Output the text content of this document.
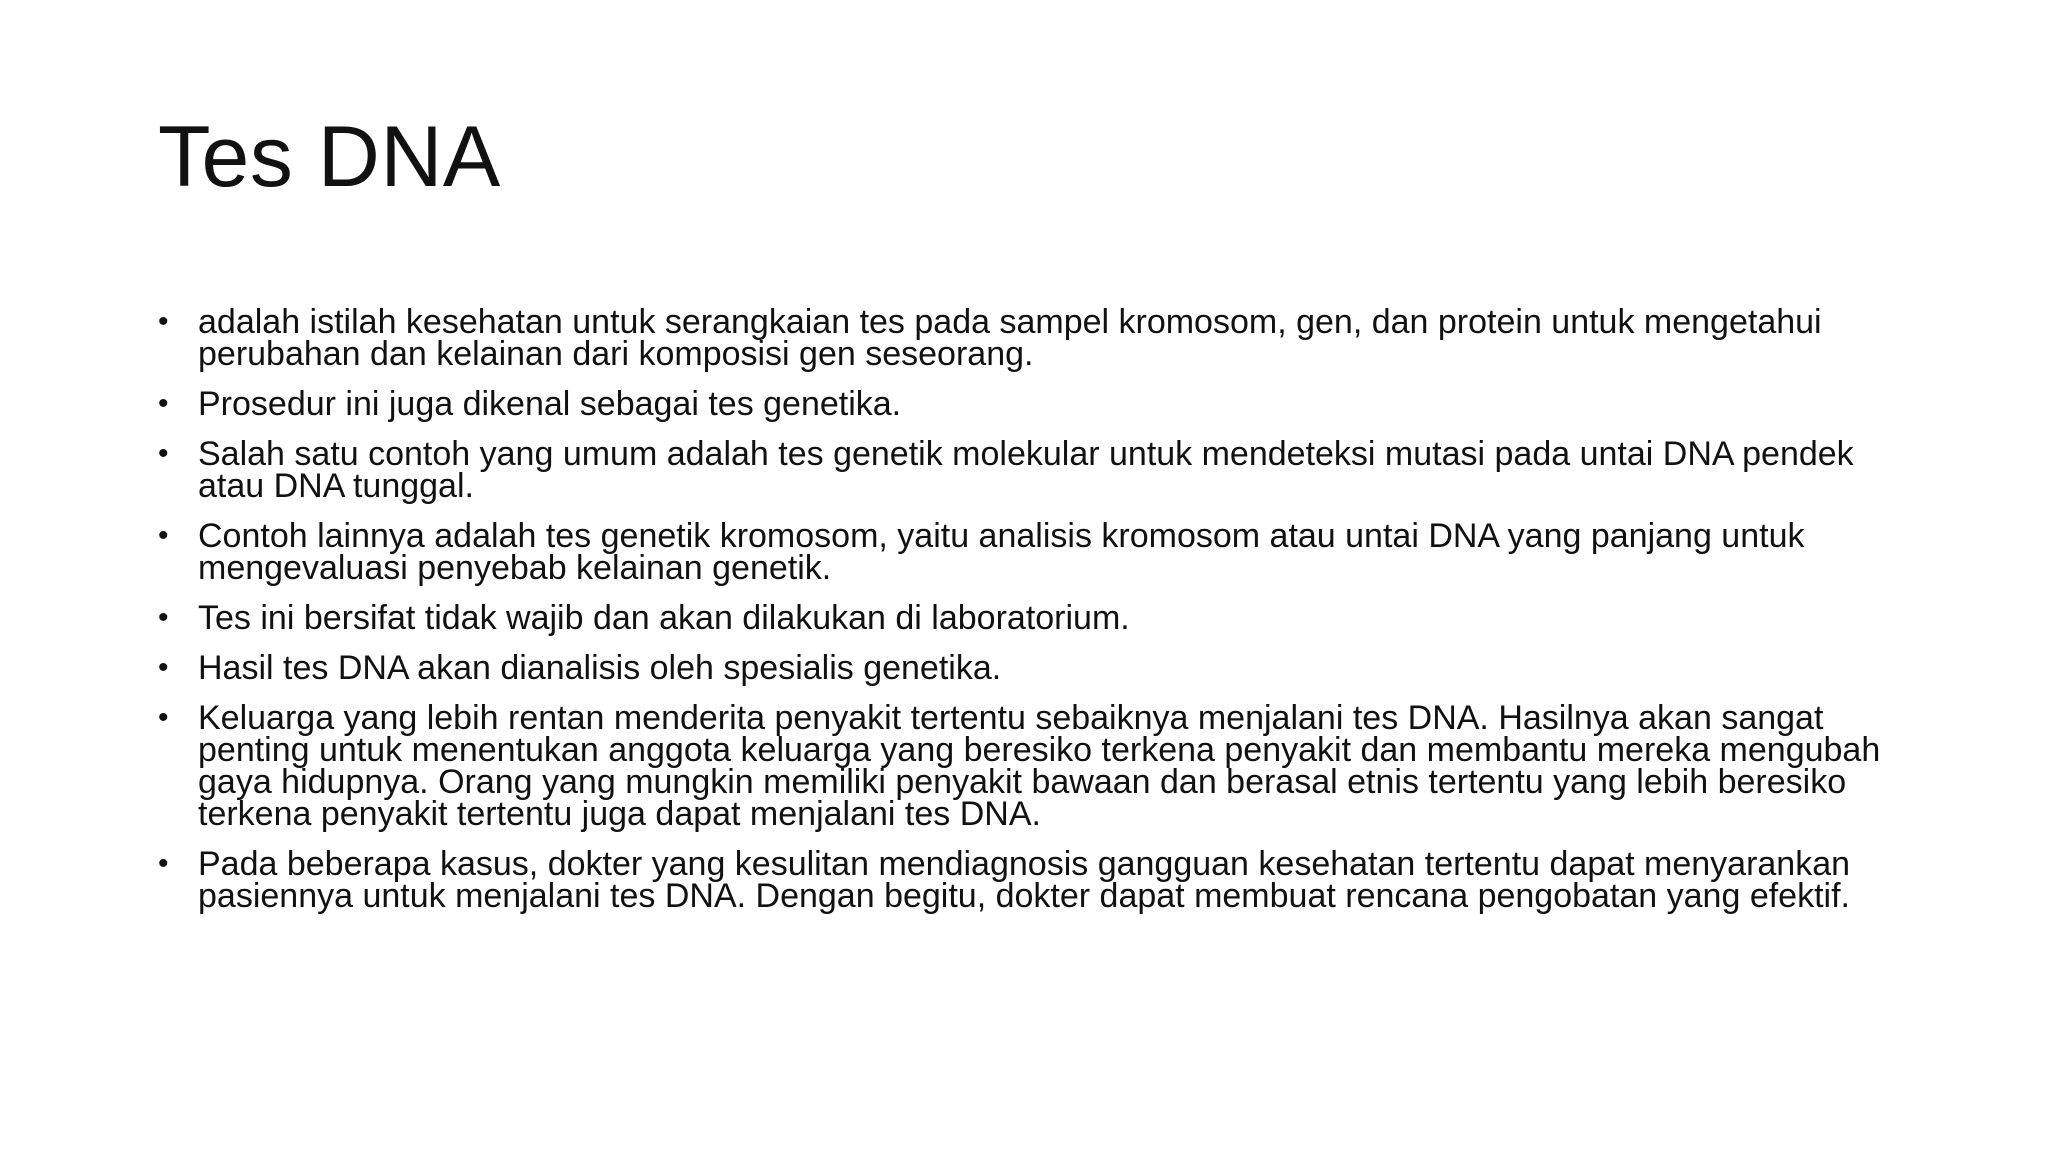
Tes DNA
• adalah istilah kesehatan untuk serangkaian tes pada sampel kromosom, gen, dan protein untuk mengetahui perubahan dan kelainan dari komposisi gen seseorang.
• Prosedur ini juga dikenal sebagai tes genetika.
• Salah satu contoh yang umum adalah tes genetik molekular untuk mendeteksi mutasi pada untai DNA pendek atau DNA tunggal.
• Contoh lainnya adalah tes genetik kromosom, yaitu analisis kromosom atau untai DNA yang panjang untuk mengevaluasi penyebab kelainan genetik.
• Tes ini bersifat tidak wajib dan akan dilakukan di laboratorium.
• Hasil tes DNA akan dianalisis oleh spesialis genetika.
• Keluarga yang lebih rentan menderita penyakit tertentu sebaiknya menjalani tes DNA. Hasilnya akan sangat penting untuk menentukan anggota keluarga yang beresiko terkena penyakit dan membantu mereka mengubah gaya hidupnya. Orang yang mungkin memiliki penyakit bawaan dan berasal etnis tertentu yang lebih beresiko terkena penyakit tertentu juga dapat menjalani tes DNA.
• Pada beberapa kasus, dokter yang kesulitan mendiagnosis gangguan kesehatan tertentu dapat menyarankan pasiennya untuk menjalani tes DNA. Dengan begitu, dokter dapat membuat rencana pengobatan yang efektif.
